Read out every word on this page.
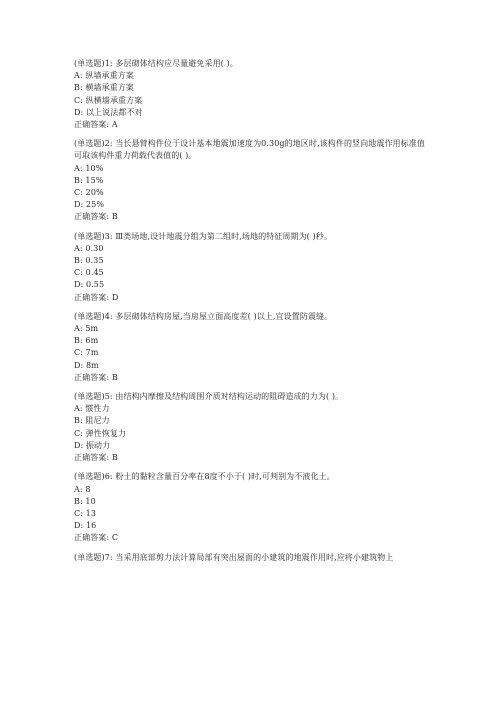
(单选题)1: 多层砌体结构应尽量避免采用( )。
A: 纵墙承重方案
B: 横墙承重方案
C: 纵横墙承重方案
D: 以上说法都不对
正确答案: A
(单选题)2: 当长悬臂构件位于设计基本地震加速度为0.30g的地区时,该构件的竖向地震作用标准值可取该构件重力荷载代表值的( )。
A: 10%
B: 15%
C: 20%
D: 25%
正确答案: B
(单选题)3: Ⅲ类场地,设计地震分组为第二组时,场地的特征周期为( )秒。
A: 0.30
B: 0.35
C: 0.45
D: 0.55
正确答案: D
(单选题)4: 多层砌体结构房屋,当房屋立面高度差( )以上,宜设置防震缝。
A: 5m
B: 6m
C: 7m
D: 8m
正确答案: B
(单选题)5: 由结构内摩擦及结构周围介质对结构运动的阻碍造成的力为( )。
A: 惯性力
B: 阻尼力
C: 弹性恢复力
D: 振动力
正确答案: B
(单选题)6: 粉土的黏粒含量百分率在8度不小于( )时,可判别为不液化土。
A: 8
B: 10
C: 13
D: 16
正确答案: C
(单选题)7: 当采用底部剪力法计算局部有突出屋面的小建筑的地震作用时,应将小建筑物上
